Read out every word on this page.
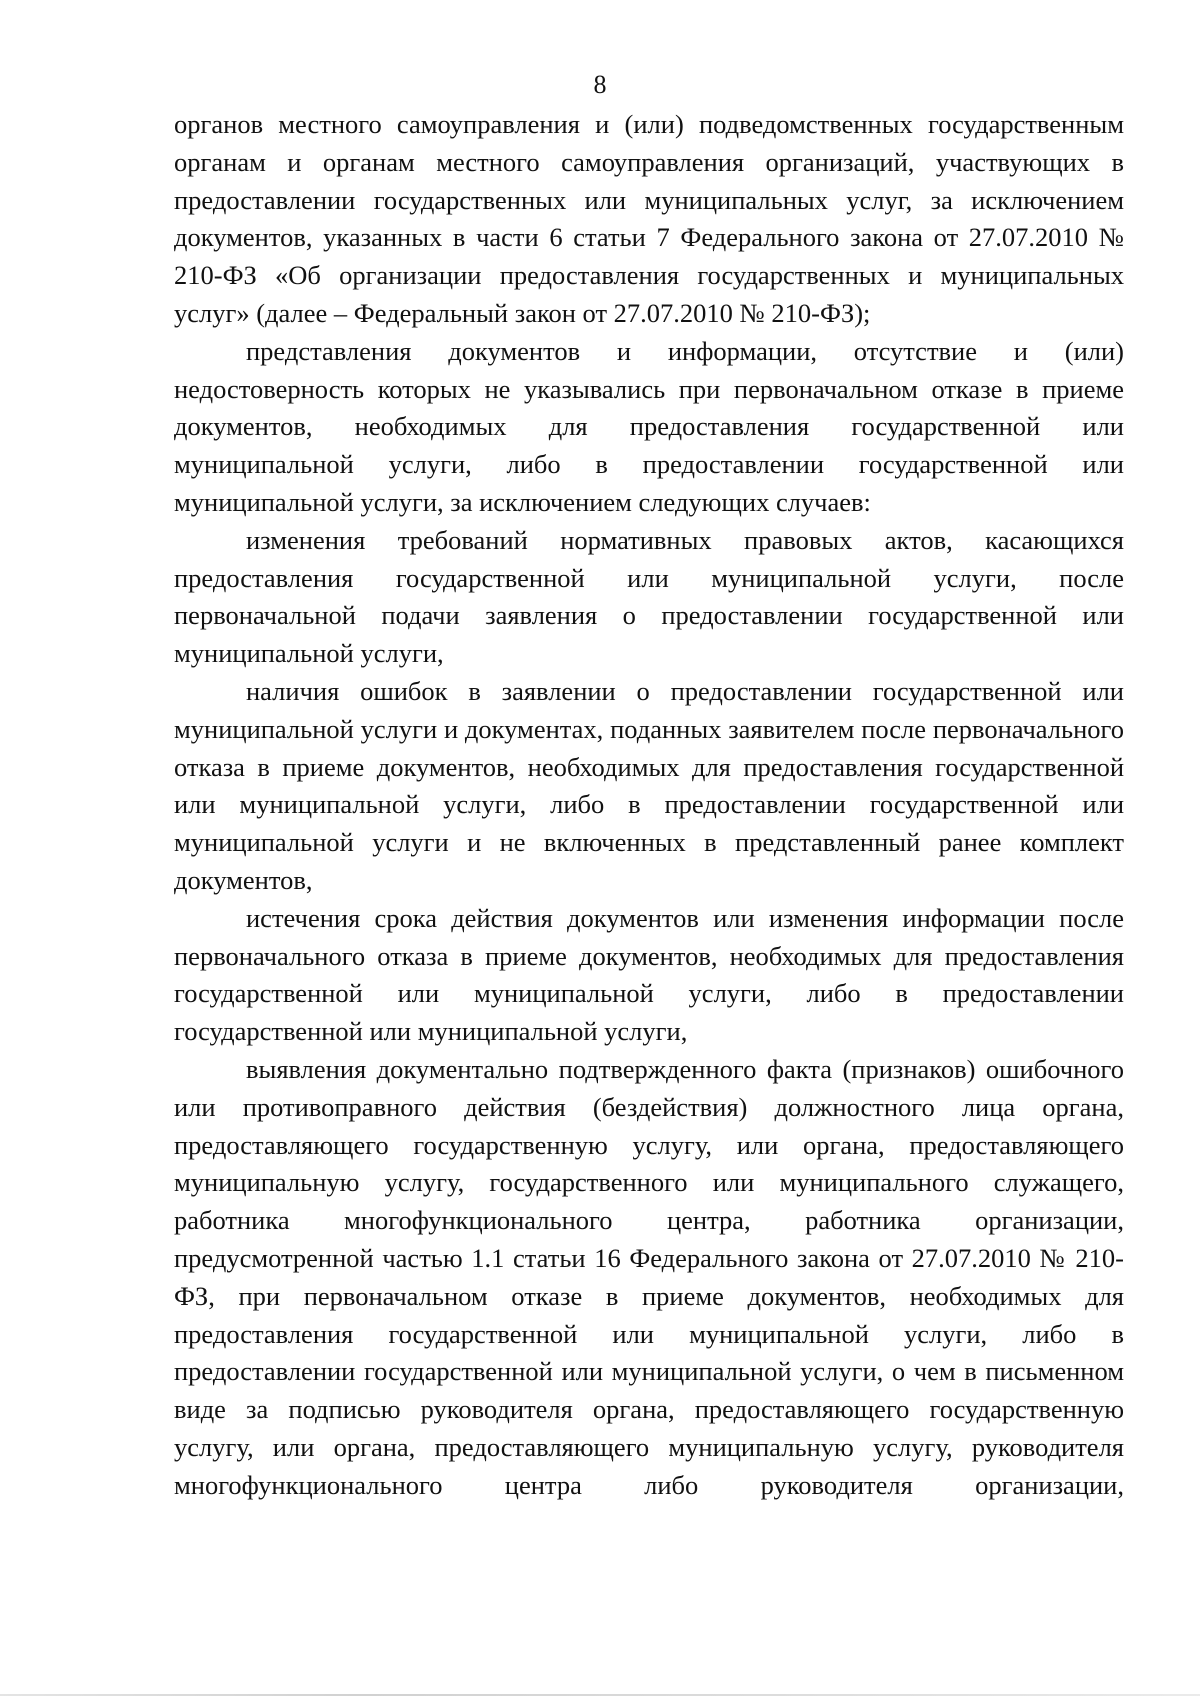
8

органов местного самоуправления и (или) подведомственных государственным органам и органам местного самоуправления организаций, участвующих в предоставлении государственных или муниципальных услуг, за исключением документов, указанных в части 6 статьи 7 Федерального закона от 27.07.2010 № 210-ФЗ «Об организации предоставления государственных и муниципальных услуг» (далее – Федеральный закон от 27.07.2010 № 210-ФЗ);

представления документов и информации, отсутствие и (или) недостоверность которых не указывались при первоначальном отказе в приеме документов, необходимых для предоставления государственной или муниципальной услуги, либо в предоставлении государственной или муниципальной услуги, за исключением следующих случаев:

изменения требований нормативных правовых актов, касающихся предоставления государственной или муниципальной услуги, после первоначальной подачи заявления о предоставлении государственной или муниципальной услуги,

наличия ошибок в заявлении о предоставлении государственной или муниципальной услуги и документах, поданных заявителем после первоначального отказа в приеме документов, необходимых для предоставления государственной или муниципальной услуги, либо в предоставлении государственной или муниципальной услуги и не включенных в представленный ранее комплект документов,

истечения срока действия документов или изменения информации после первоначального отказа в приеме документов, необходимых для предоставления государственной или муниципальной услуги, либо в предоставлении государственной или муниципальной услуги,

выявления документально подтвержденного факта (признаков) ошибочного или противоправного действия (бездействия) должностного лица органа, предоставляющего государственную услугу, или органа, предоставляющего муниципальную услугу, государственного или муниципального служащего, работника многофункционального центра, работника организации, предусмотренной частью 1.1 статьи 16 Федерального закона от 27.07.2010 № 210-ФЗ, при первоначальном отказе в приеме документов, необходимых для предоставления государственной или муниципальной услуги, либо в предоставлении государственной или муниципальной услуги, о чем в письменном виде за подписью руководителя органа, предоставляющего государственную услугу, или органа, предоставляющего муниципальную услугу, руководителя многофункционального центра либо руководителя организации,
